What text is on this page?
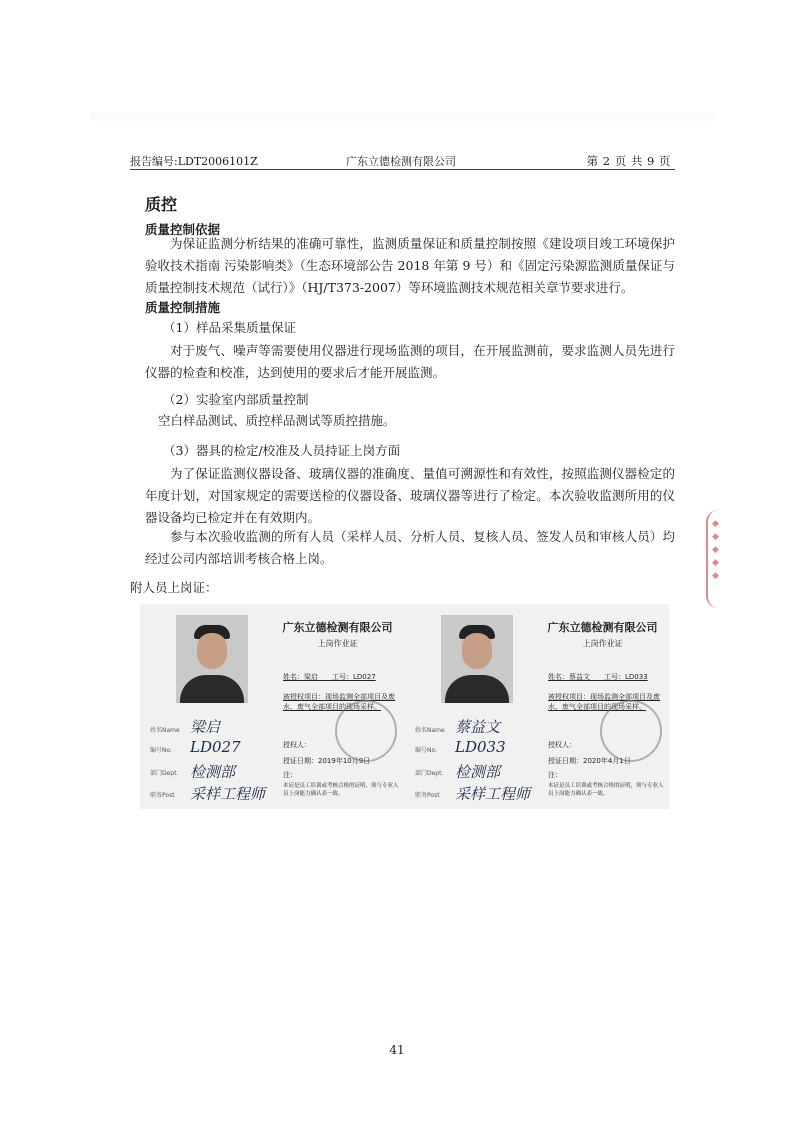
报告编号:LDT2006101Z	广东立德检测有限公司	第 2 页 共 9 页
质控
质量控制依据
为保证监测分析结果的准确可靠性，监测质量保证和质量控制按照《建设项目竣工环境保护验收技术指南 污染影响类》（生态环境部公告 2018 年第 9 号）和《固定污染源监测质量保证与质量控制技术规范（试行）》（HJ/T373-2007）等环境监测技术规范相关章节要求进行。
质量控制措施
（1）样品采集质量保证
对于废气、噪声等需要使用仪器进行现场监测的项目，在开展监测前，要求监测人员先进行仪器的检查和校准，达到使用的要求后才能开展监测。
（2）实验室内部质量控制
空白样品测试、质控样品测试等质控措施。
（3）器具的检定/校准及人员持证上岗方面
为了保证监测仪器设备、玻璃仪器的准确度、量值可溯源性和有效性，按照监测仪器检定的年度计划，对国家规定的需要送检的仪器设备、玻璃仪器等进行了检定。本次验收监测所用的仪器设备均已检定并在有效期内。
参与本次验收监测的所有人员（采样人员、分析人员、复核人员、签发人员和审核人员）均经过公司内部培训考核合格上岗。
附人员上岗证：
姓名Name
编号No.
部门Dept.
职务Post
梁启
LD027
检测部
采样工程师
广东立德检测有限公司
上岗作业证
姓名：梁启　　工号：LD027
被授权项目：现场监测全部项目及废水、废气全部项目的现场采样。
授权人：
授证日期：2019年10月9日
注：
本证是员工培训或考核合格的证明，须与专业人员上岗能力确认表一致。
姓名Name
编号No.
部门Dept.
职务Post
蔡益文
LD033
检测部
采样工程师
广东立德检测有限公司
上岗作业证
姓名：蔡益文　　工号：LD033
被授权项目：现场监测全部项目及废水、废气全部项目的现场采样。
授权人：
授证日期：2020年4月1日
注：
本证是员工培训或考核合格的证明，须与专业人员上岗能力确认表一致。
◆
◆
◆
◆
◆
41
